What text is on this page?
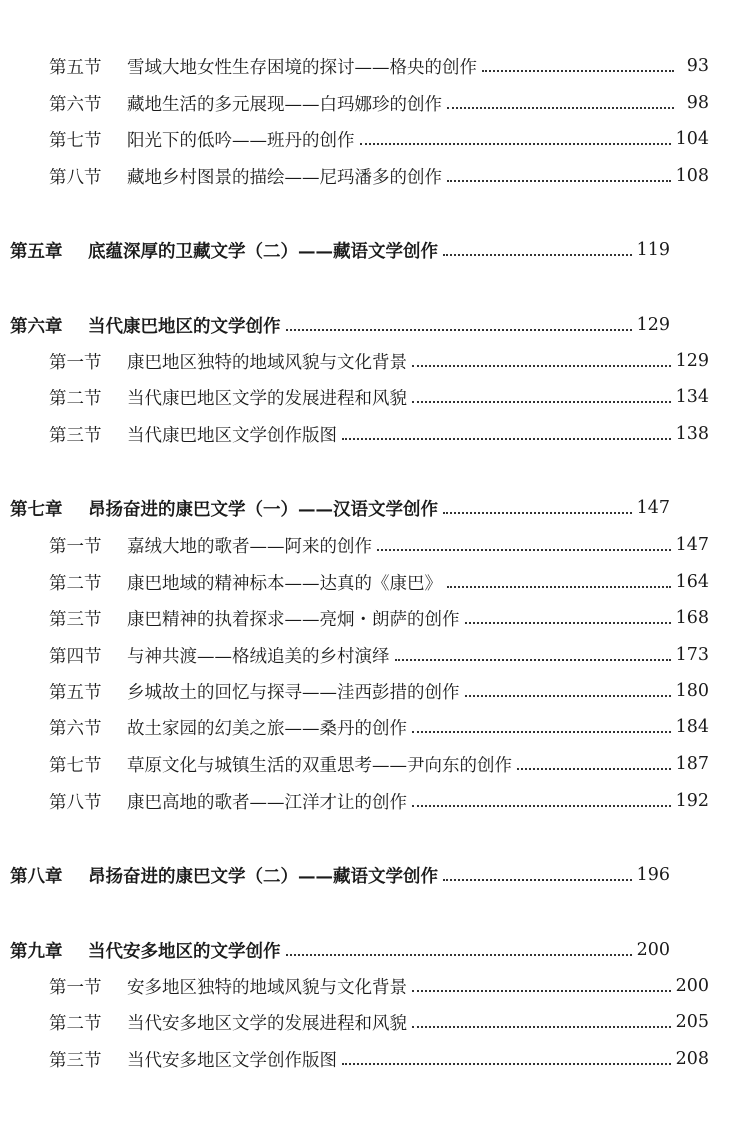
第五节	雪域大地女性生存困境的探讨——格央的创作	93
第六节	藏地生活的多元展现——白玛娜珍的创作	98
第七节	阳光下的低吟——班丹的创作	104
第八节	藏地乡村图景的描绘——尼玛潘多的创作	108
第五章	底蕴深厚的卫藏文学（二）——藏语文学创作	119
第六章	当代康巴地区的文学创作	129
第一节	康巴地区独特的地域风貌与文化背景	129
第二节	当代康巴地区文学的发展进程和风貌	134
第三节	当代康巴地区文学创作版图	138
第七章	昂扬奋进的康巴文学（一）——汉语文学创作	147
第一节	嘉绒大地的歌者——阿来的创作	147
第二节	康巴地域的精神标本——达真的《康巴》	164
第三节	康巴精神的执着探求——亮炯・朗萨的创作	168
第四节	与神共渡——格绒追美的乡村演绎	173
第五节	乡城故土的回忆与探寻——洼西彭措的创作	180
第六节	故土家园的幻美之旅——桑丹的创作	184
第七节	草原文化与城镇生活的双重思考——尹向东的创作	187
第八节	康巴高地的歌者——江洋才让的创作	192
第八章	昂扬奋进的康巴文学（二）——藏语文学创作	196
第九章	当代安多地区的文学创作	200
第一节	安多地区独特的地域风貌与文化背景	200
第二节	当代安多地区文学的发展进程和风貌	205
第三节	当代安多地区文学创作版图	208
